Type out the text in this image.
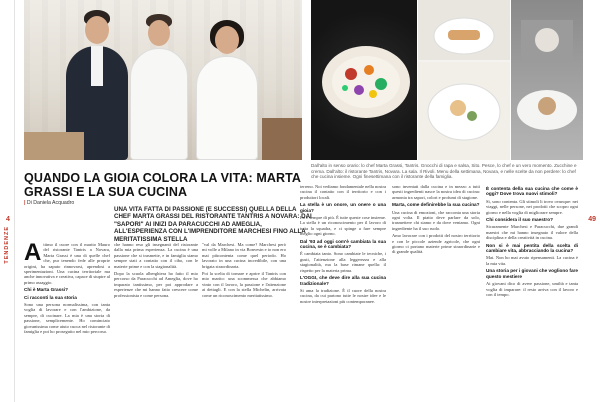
4
TENDENZE
49
Dall'alto in senso orario: lo chef Marta Grassi, Tantris. Gnocchi di rapa e salsa, Sito. Pesce, lo chef e un vero momento. Zucchine e crema. Dall'alto: il ristorante Tantris, Novara. La sala. Il Rivoli. Menu della settimana, Novara, e nelle scelte da non perdere: lo chef che cucina insieme. Ogni finesettimana con il ristorante della famiglia.
QUANDO LA GIOIA COLORA LA VITA: MARTA GRASSI E LA SUA CUCINA
| Di Daniela Acquadro
UNA VITA FATTA DI PASSIONE (E SUCCESSI) QUELLA DELLA CHEF MARTA GRASSI DEL RISTORANTE TANTRIS A NOVARA: DAI "SAPORI" AI INIZI DA PARACUCCHI AD AMEGLIA, ALL'ESPERIENZA CON L'IMPRENDITORE MARCHESI FINO ALLA MERITATISSIMA STELLA

Attimo il cuore con il marito Mauro del ristorante Tantris a Novara, Marta Grassi è una di quelle chef che, pur tenendo fede alle proprie origini, ha saputo rinnovarsi, aprendosi a sperimentazioni. Una cucina territoriale ma anche innovativa e creativa, capace di stupire al primo assaggio.

Chi è Marta Grassi?

Ci racconti la sua storia

Sono una persona normalissima, con tanta voglia di lavorare e con l'ambizione, da sempre, di cucinare. La mia è una storia di passione, semplicemente. Ho cominciato giovanissima come aiuto cuoca nel ristorante di famiglia e poi ho proseguito nel mio percorso.

che hanno reso gli insegnanti del ristorante dalla mia prima esperienza. La cucina è una passione che si trasmette, e in famiglia siamo sempre stati a contatto con il cibo, con le materie prime e con la stagionalità.

Dopo la scuola alberghiera ho fatto il mio percorso da Paracucchi ad Ameglia, dove ho imparato tantissimo, per poi approdare a esperienze che mi hanno fatto crescere come professionista e come persona.

"val da Marchesi. Ma come? Marchesi però mi volle a Milano in via Bonvesin e io non ero mai piùcontenta come quel periodo. Ho lavorato in una cucina incredibile, con una brigata straordinaria.

Poi la scelta di tornare e aprire il Tantris con mio marito: una scommessa che abbiamo vinto con il lavoro, la passione e l'attenzione ai dettagli. E con la stella Michelin, arrivata come un riconoscimento meritatissimo.

terreno. Noi vediamo fondamentale nella nostra cucina il contatto con il territorio e con i produttori locali.

La stella è un onore, un onere o una gioia?

Lo è sempre di più. È tutte queste cose insieme. La stella è un riconoscimento per il lavoro di tutta la squadra, e ci spinge a fare sempre meglio ogni giorno.

Dal '93 ad oggi com'è cambiata la sua cucina, se è cambiata?

È cambiata tanto. Sono cambiate le tecniche, i gusti, l'attenzione alla leggerezza e alla stagionalità, ma la base rimane quella: il rispetto per la materia prima.

L'OGGI, che deve dire alla sua cucina tradizionale?

Si ama la tradizione. È il cuore della nostra cucina, da cui partono tutte le nostre idee e le nostre interpretazioni più contemporanee.

sono inventati dalla cucina e in mezzo a tutti questi ingredienti nasce la nostra idea di cucina: armonia tra sapori, colori e profumi di stagione.

Marta, come definirebbe la sua cucina?

Una cucina di emozioni, che racconta una storia ogni volta. Il piatto deve parlare da solo, trasmettere chi siamo e da dove veniamo. Ogni ingrediente ha il suo ruolo.

Amo lavorare con i prodotti del nostro territorio e con le piccole aziende agricole, che ogni giorno ci portano materie prime straordinarie e di grande qualità.

È contenta della sua cucina che come è oggi? Dove trova nuovi stimoli?

Sì, sono contenta. Gli stimoli li trovo ovunque: nei viaggi, nelle persone, nei prodotti che scopro ogni giorno e nella voglia di migliorare sempre.

Chi considera il suo maestro?

Sicuramente Marchesi e Paracucchi, due grandi maestri che mi hanno insegnato il valore della disciplina e della creatività in cucina.

Non si è mai pentita della scelta di cambiare vita, abbracciando la cucina?

Mai. Non ho mai avuto ripensamenti. La cucina è la mia vita.

Una storia per i giovani che vogliono fare questo mestiere

Ai giovani dico di avere passione, umiltà e tanta voglia di imparare: il resto arriva con il lavoro e con il tempo.
